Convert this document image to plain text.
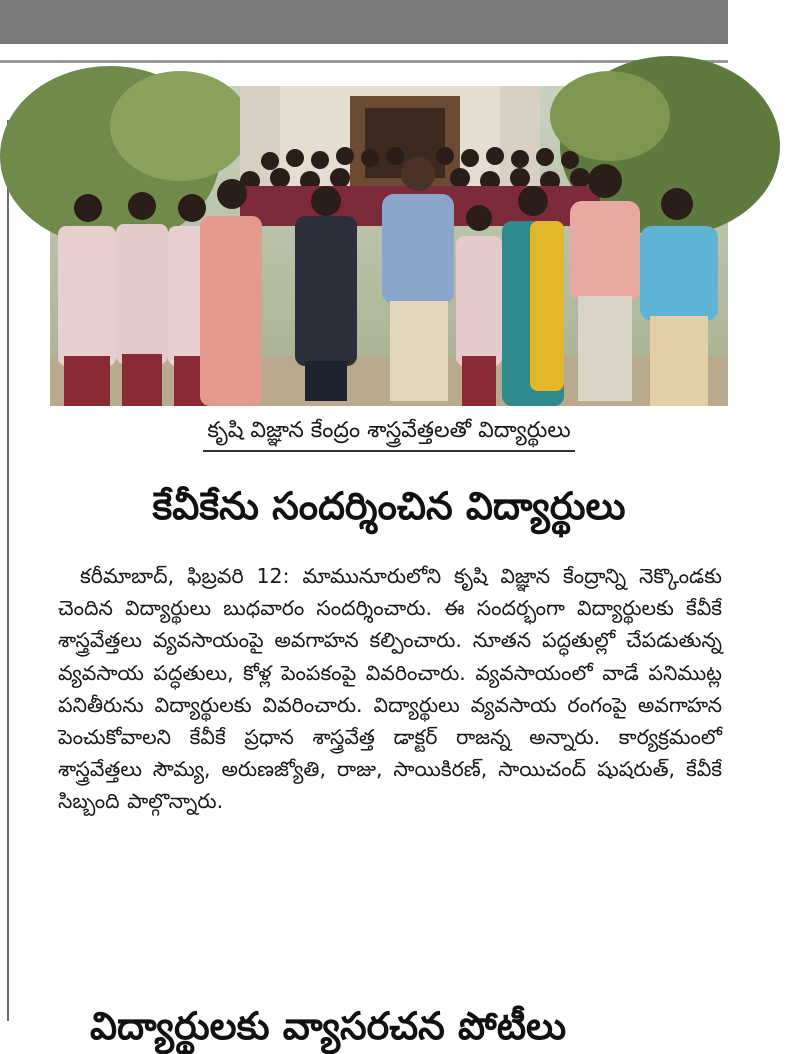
కృషి విజ్ఞాన కేంద్రం శాస్త్రవేత్తలతో విద్యార్థులు
కేవీకేను సందర్శించిన విద్యార్థులు
కరీమాబాద్, ఫిబ్రవరి 12: మామునూరులోని కృషి విజ్ఞాన కేంద్రాన్ని నెక్కొండకు చెందిన విద్యార్థులు బుధవారం సందర్శించారు. ఈ సందర్భంగా విద్యార్థులకు కేవీకే శాస్త్రవేత్తలు వ్యవసాయంపై అవగాహన కల్పించారు. నూతన పద్ధతుల్లో చేపడుతున్న వ్యవసాయ పద్ధతులు, కోళ్ల పెంపకంపై వివరించారు. వ్యవసాయంలో వాడే పనిముట్ల పనితీరును విద్యార్థులకు వివరించారు. విద్యార్థులు వ్యవసాయ రంగంపై అవగాహన పెంచుకోవాలని కేవీకే ప్రధాన శాస్త్రవేత్త డాక్టర్ రాజన్న అన్నారు. కార్యక్రమంలో శాస్త్రవేత్తలు సౌమ్య, అరుణజ్యోతి, రాజు, సాయికిరణ్, సాయిచంద్ షుషరుత్, కేవీకే సిబ్బంది పాల్గొన్నారు.
విద్యార్థులకు వ్యాసరచన పోటీలు
